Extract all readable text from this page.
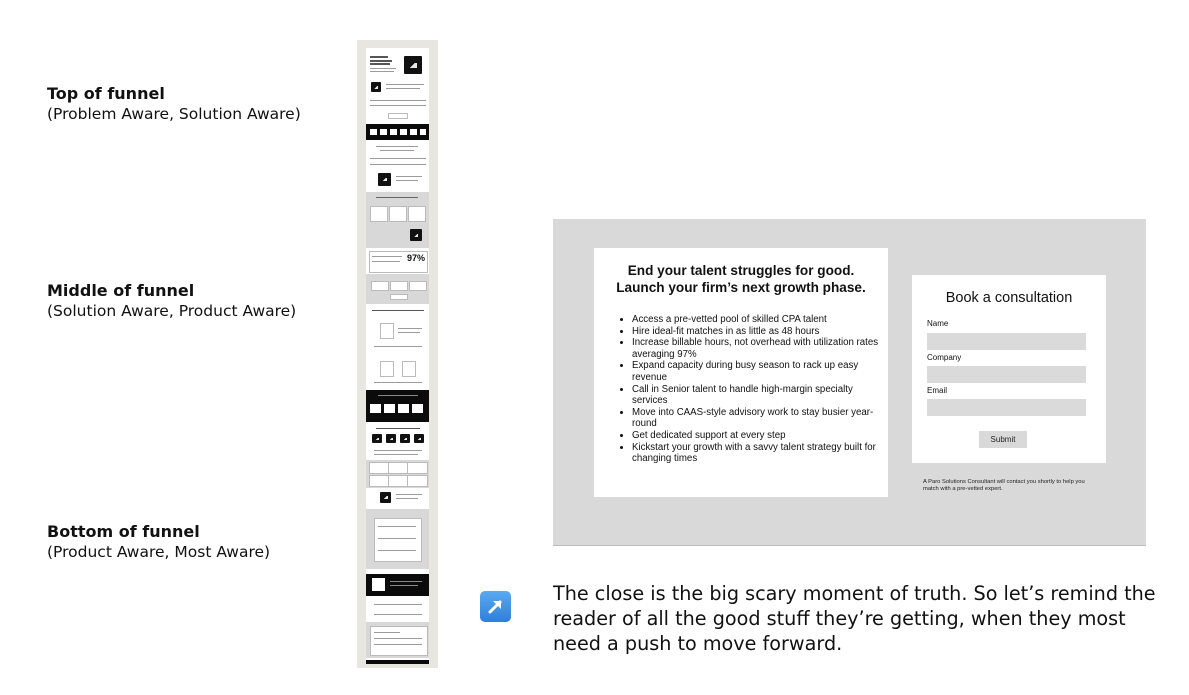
Top of funnel
(Problem Aware, Solution Aware)
Middle of funnel
(Solution Aware, Product Aware)
Bottom of funnel
(Product Aware, Most Aware)
97%
End your talent struggles for good.
Launch your firm’s next growth phase.
• Access a pre-vetted pool of skilled CPA talent
• Hire ideal-fit matches in as little as 48 hours
• Increase billable hours, not overhead with utilization rates averaging 97%
• Expand capacity during busy season to rack up easy revenue
• Call in Senior talent to handle high-margin specialty services
• Move into CAAS-style advisory work to stay busier year-round
• Get dedicated support at every step
• Kickstart your growth with a savvy talent strategy built for changing times
Book a consultation
Name
Company
Email
Submit
A Paro Solutions Consultant will contact you shortly to help you match with a pre-vetted expert.
The close is the big scary moment of truth. So let’s remind the reader of all the good stuff they’re getting, when they most need a push to move forward.
